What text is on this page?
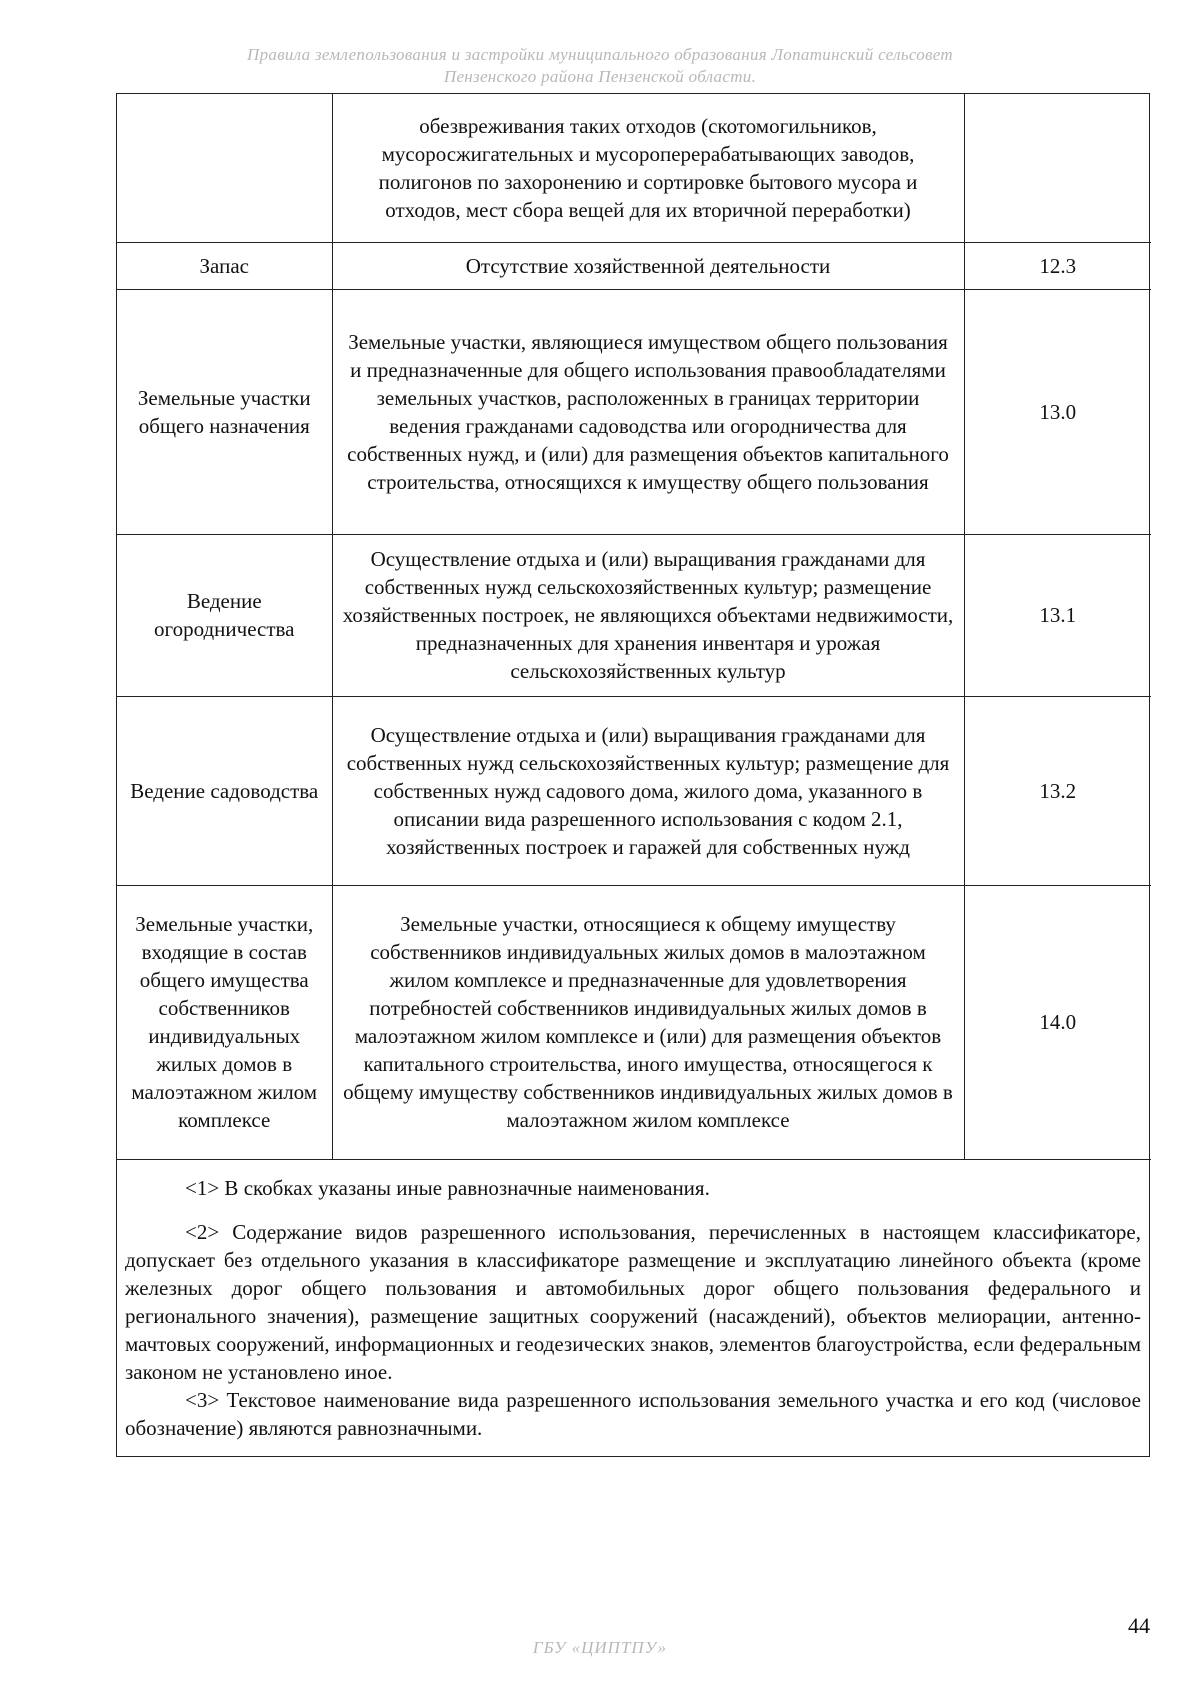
Правила землепользования и застройки муниципального образования Лопатинский сельсовет
Пензенского района Пензенской области.
	обезвреживания таких отходов (скотомогильников, мусоросжигательных и мусороперерабатывающих заводов, полигонов по захоронению и сортировке бытового мусора и отходов, мест сбора вещей для их вторичной переработки)	
Запас	Отсутствие хозяйственной деятельности	12.3
Земельные участки общего назначения	Земельные участки, являющиеся имуществом общего пользования и предназначенные для общего использования правообладателями земельных участков, расположенных в границах территории ведения гражданами садоводства или огородничества для собственных нужд, и (или) для размещения объектов капитального строительства, относящихся к имуществу общего пользования	13.0
Ведение огородничества	Осуществление отдыха и (или) выращивания гражданами для собственных нужд сельскохозяйственных культур; размещение хозяйственных построек, не являющихся объектами недвижимости, предназначенных для хранения инвентаря и урожая сельскохозяйственных культур	13.1
Ведение садоводства	Осуществление отдыха и (или) выращивания гражданами для собственных нужд сельскохозяйственных культур; размещение для собственных нужд садового дома, жилого дома, указанного в описании вида разрешенного использования с кодом 2.1, хозяйственных построек и гаражей для собственных нужд	13.2
Земельные участки, входящие в состав общего имущества собственников индивидуальных жилых домов в малоэтажном жилом комплексе	Земельные участки, относящиеся к общему имуществу собственников индивидуальных жилых домов в малоэтажном жилом комплексе и предназначенные для удовлетворения потребностей собственников индивидуальных жилых домов в малоэтажном жилом комплексе и (или) для размещения объектов капитального строительства, иного имущества, относящегося к общему имуществу собственников индивидуальных жилых домов в малоэтажном жилом комплексе	14.0

<1> В скобках указаны иные равнозначные наименования.

<2> Содержание видов разрешенного использования, перечисленных в настоящем классификаторе, допускает без отдельного указания в классификаторе размещение и эксплуатацию линейного объекта (кроме железных дорог общего пользования и автомобильных дорог общего пользования федерального и регионального значения), размещение защитных сооружений (насаждений), объектов мелиорации, антенно-мачтовых сооружений, информационных и геодезических знаков, элементов благоустройства, если федеральным законом не установлено иное.

<3> Текстовое наименование вида разрешенного использования земельного участка и его код (числовое обозначение) являются равнозначными.

44
ГБУ «ЦИПТПУ»
